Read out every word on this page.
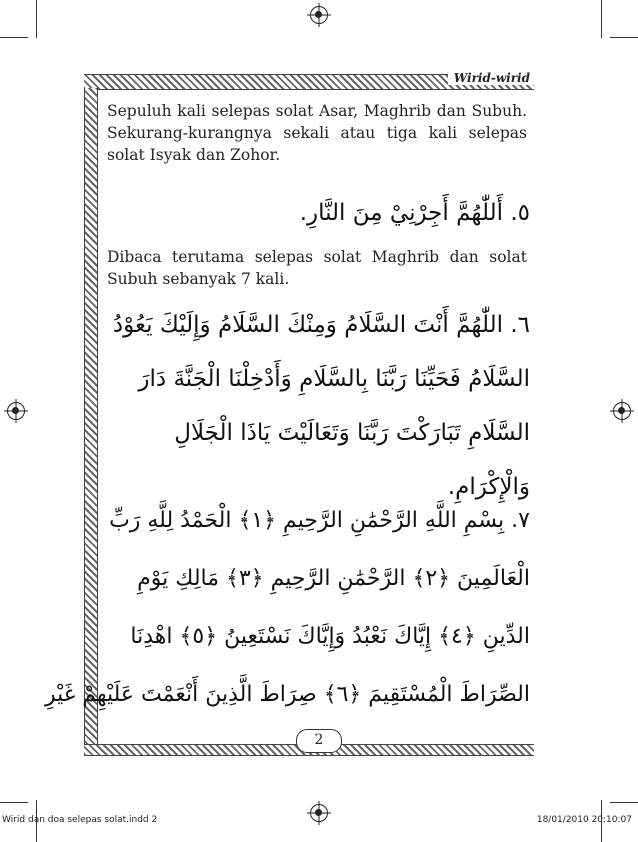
Wirid-wirid

Sepuluh kali selepas solat Asar, Maghrib dan Subuh. Sekurang-kurangnya sekali atau tiga kali selepas solat Isyak dan Zohor.

٥. أَللّٰهُمَّ أَجِرْنِيْ مِنَ النَّارِ.

Dibaca terutama selepas solat Maghrib dan solat Subuh sebanyak 7 kali.

٦. اللّٰهُمَّ أَنْتَ السَّلَامُ وَمِنْكَ السَّلَامُ وَإِلَيْكَ يَعُوْدُ
السَّلَامُ فَحَيِّنَا رَبَّنَا بِالسَّلَامِ وَأَدْخِلْنَا الْجَنَّةَ دَارَ
السَّلَامِ تَبَارَكْتَ رَبَّنَا وَتَعَالَيْتَ يَاذَا الْجَلَالِ
وَالْإِكْرَامِ.
٧. بِسْمِ اللَّهِ الرَّحْمَٰنِ الرَّحِيمِ ﴿١﴾ الْحَمْدُ لِلَّهِ رَبِّ
الْعَالَمِينَ ﴿٢﴾ الرَّحْمَٰنِ الرَّحِيمِ ﴿٣﴾ مَالِكِ يَوْمِ
الدِّينِ ﴿٤﴾ إِيَّاكَ نَعْبُدُ وَإِيَّاكَ نَسْتَعِينُ ﴿٥﴾ اهْدِنَا
الصِّرَاطَ الْمُسْتَقِيمَ ﴿٦﴾ صِرَاطَ الَّذِينَ أَنْعَمْتَ عَلَيْهِمْ غَيْرِ
2
Wirid dan doa selepas solat.indd 2	18/01/2010 20:10:07
